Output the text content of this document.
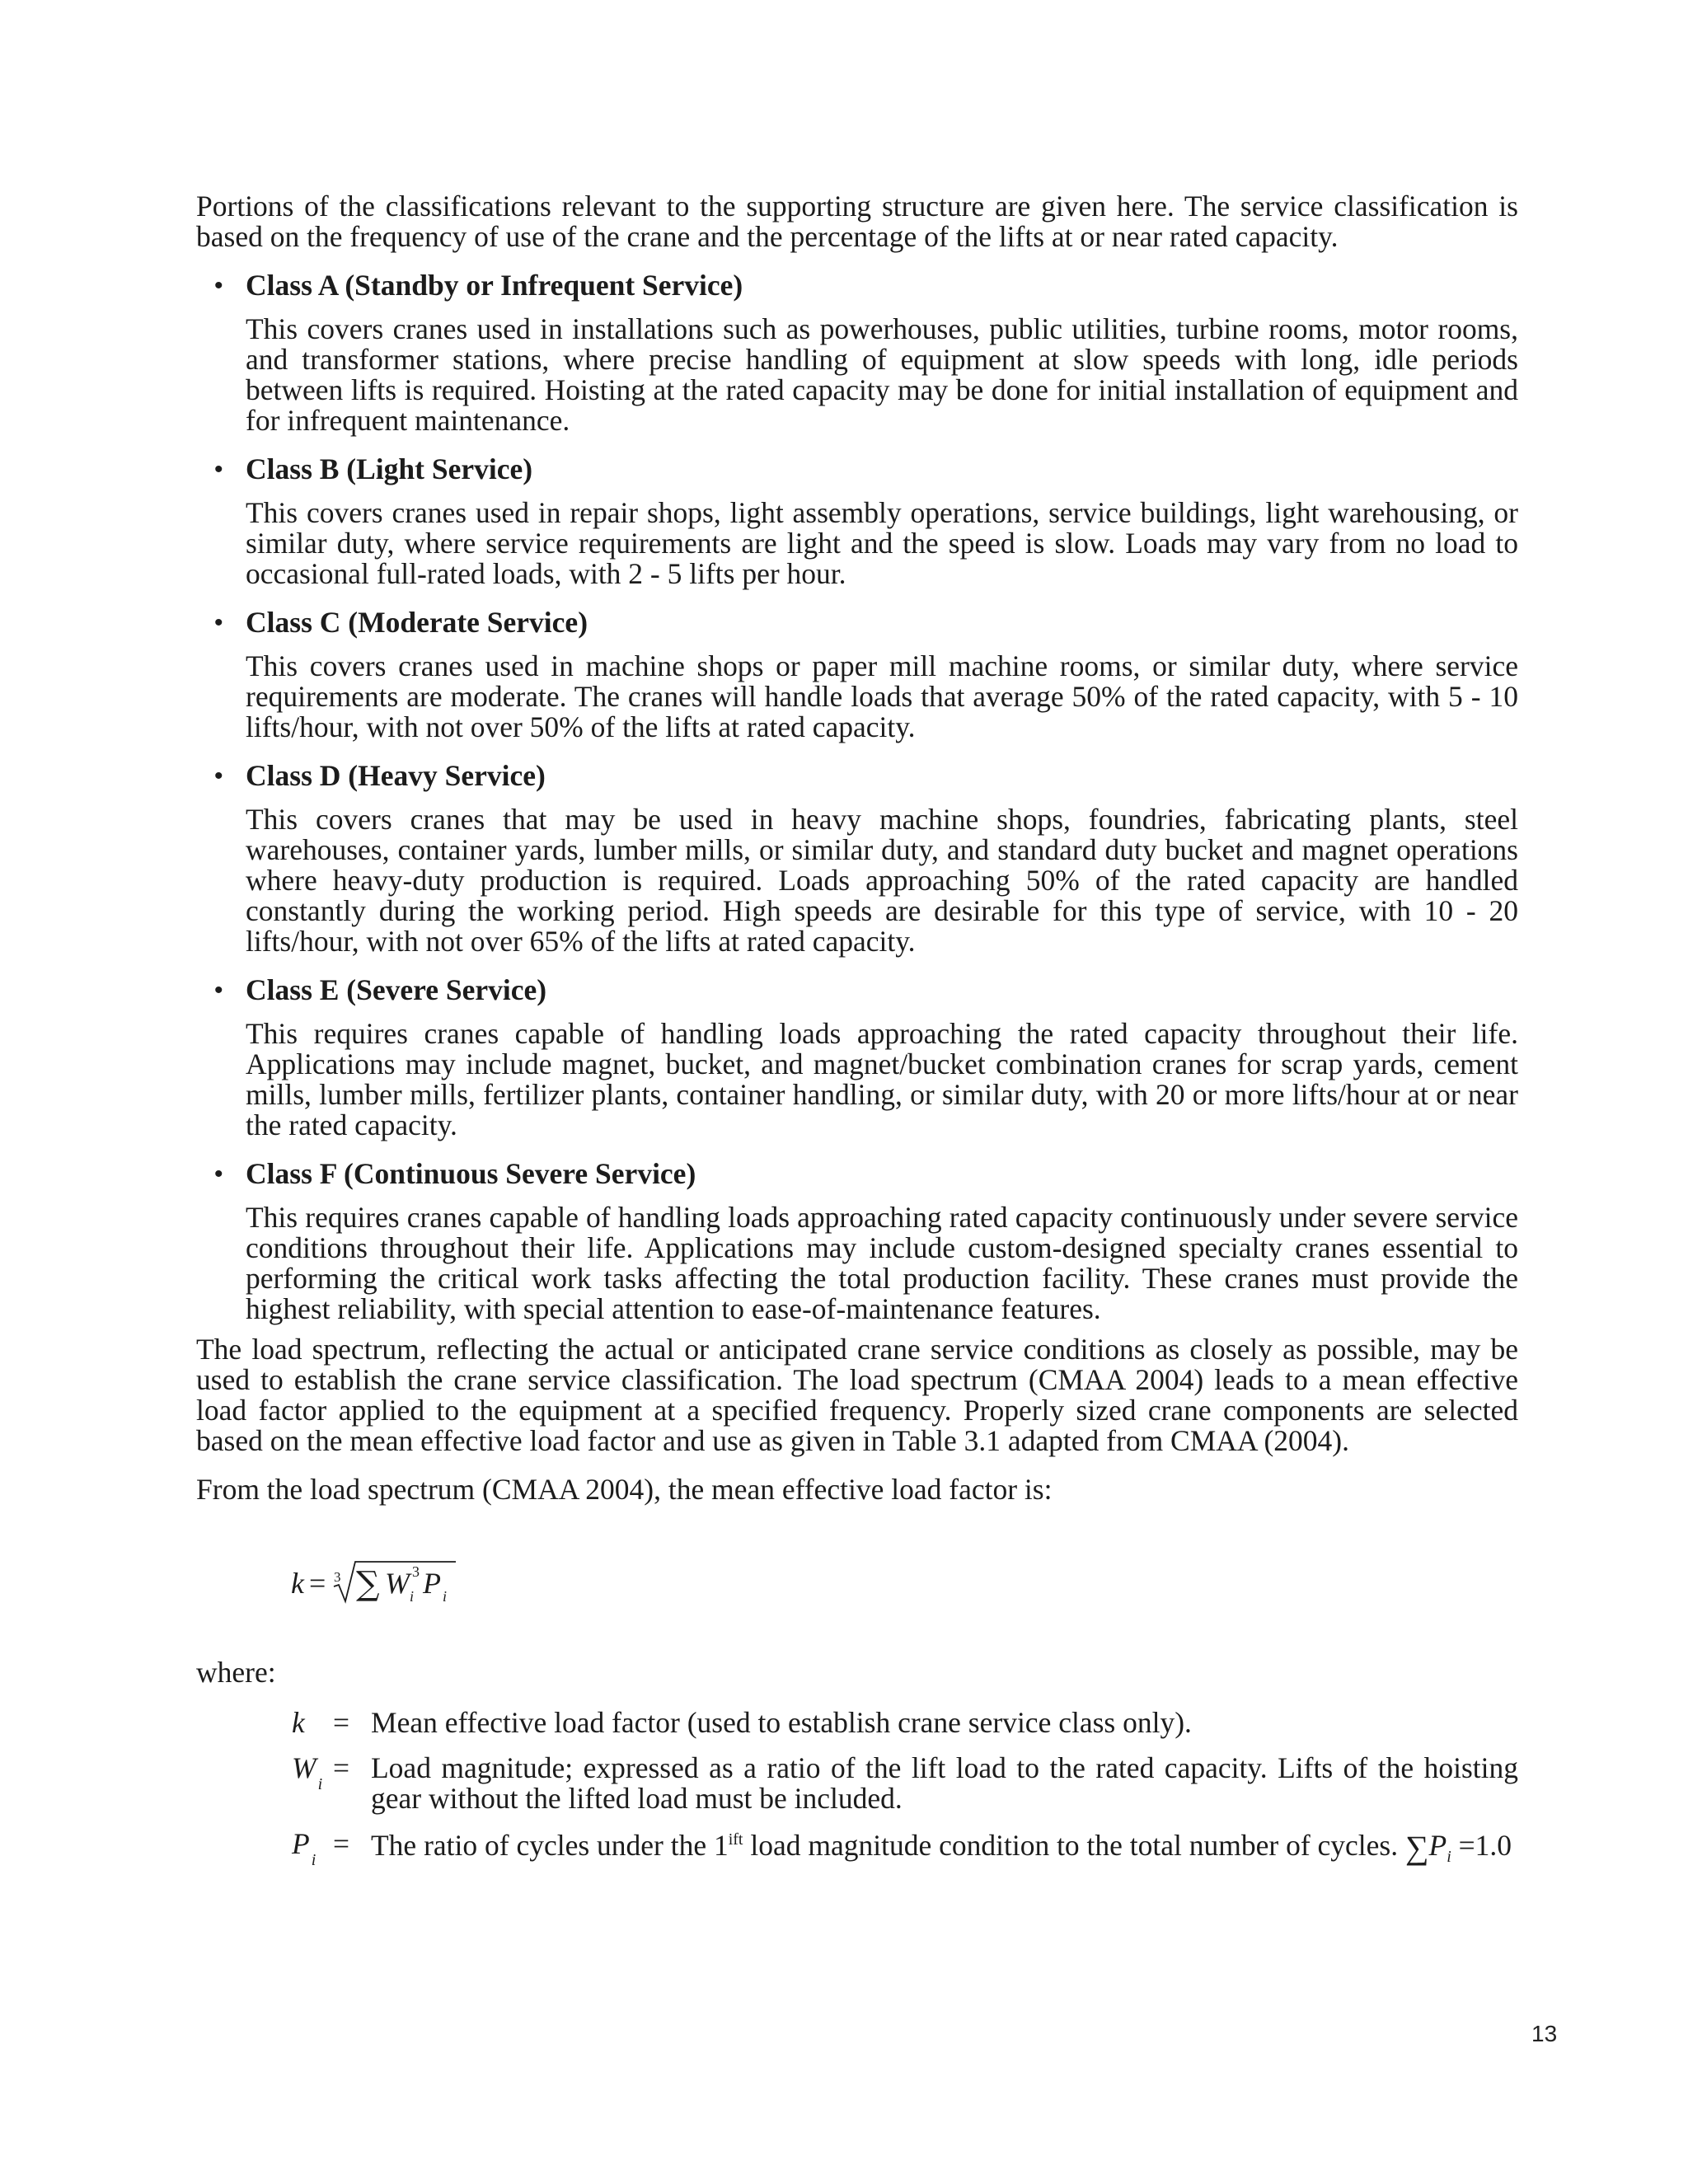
Portions of the classifications relevant to the supporting structure are given here. The service classification is based on the frequency of use of the crane and the percentage of the lifts at or near rated capacity.

• Class A (Standby or Infrequent Service)

This covers cranes used in installations such as powerhouses, public utilities, turbine rooms, motor rooms, and transformer stations, where precise handling of equipment at slow speeds with long, idle periods between lifts is required. Hoisting at the rated capacity may be done for initial installation of equipment and for infrequent maintenance.

• Class B (Light Service)

This covers cranes used in repair shops, light assembly operations, service buildings, light warehousing, or similar duty, where service requirements are light and the speed is slow. Loads may vary from no load to occasional full-rated loads, with 2 - 5 lifts per hour.

• Class C (Moderate Service)

This covers cranes used in machine shops or paper mill machine rooms, or similar duty, where service requirements are moderate. The cranes will handle loads that average 50% of the rated capacity, with 5 - 10 lifts/hour, with not over 50% of the lifts at rated capacity.

• Class D (Heavy Service)

This covers cranes that may be used in heavy machine shops, foundries, fabricating plants, steel warehouses, container yards, lumber mills, or similar duty, and standard duty bucket and magnet operations where heavy-duty production is required. Loads approaching 50% of the rated capacity are handled constantly during the working period. High speeds are desirable for this type of service, with 10 - 20 lifts/hour, with not over 65% of the lifts at rated capacity.

• Class E (Severe Service)

This requires cranes capable of handling loads approaching the rated capacity throughout their life. Applications may include magnet, bucket, and magnet/bucket combination cranes for scrap yards, cement mills, lumber mills, fertilizer plants, container handling, or similar duty, with 20 or more lifts/hour at or near the rated capacity.

• Class F (Continuous Severe Service)

This requires cranes capable of handling loads approaching rated capacity continuously under severe service conditions throughout their life. Applications may include custom-designed specialty cranes essential to performing the critical work tasks affecting the total production facility. These cranes must provide the highest reliability, with special attention to ease-of-maintenance features.

The load spectrum, reflecting the actual or anticipated crane service conditions as closely as possible, may be used to establish the crane service classification. The load spectrum (CMAA 2004) leads to a mean effective load factor applied to the equipment at a specified frequency. Properly sized crane components are selected based on the mean effective load factor and use as given in Table 3.1 adapted from CMAA (2004).

From the load spectrum (CMAA 2004), the mean effective load factor is:

k = 3 ∑ W 3
i P i

where:

k = Mean effective load factor (used to establish crane service class only).
$W_i$
= Load magnitude; expressed as a ratio of the lift load to the rated capacity. Lifts of the hoisting gear without the lifted load must be included.
$P_i$
= The ratio of cycles under the $1^{ift}$ load magnitude condition to the total number of cycles. $\sum P_i =1.0$
13
